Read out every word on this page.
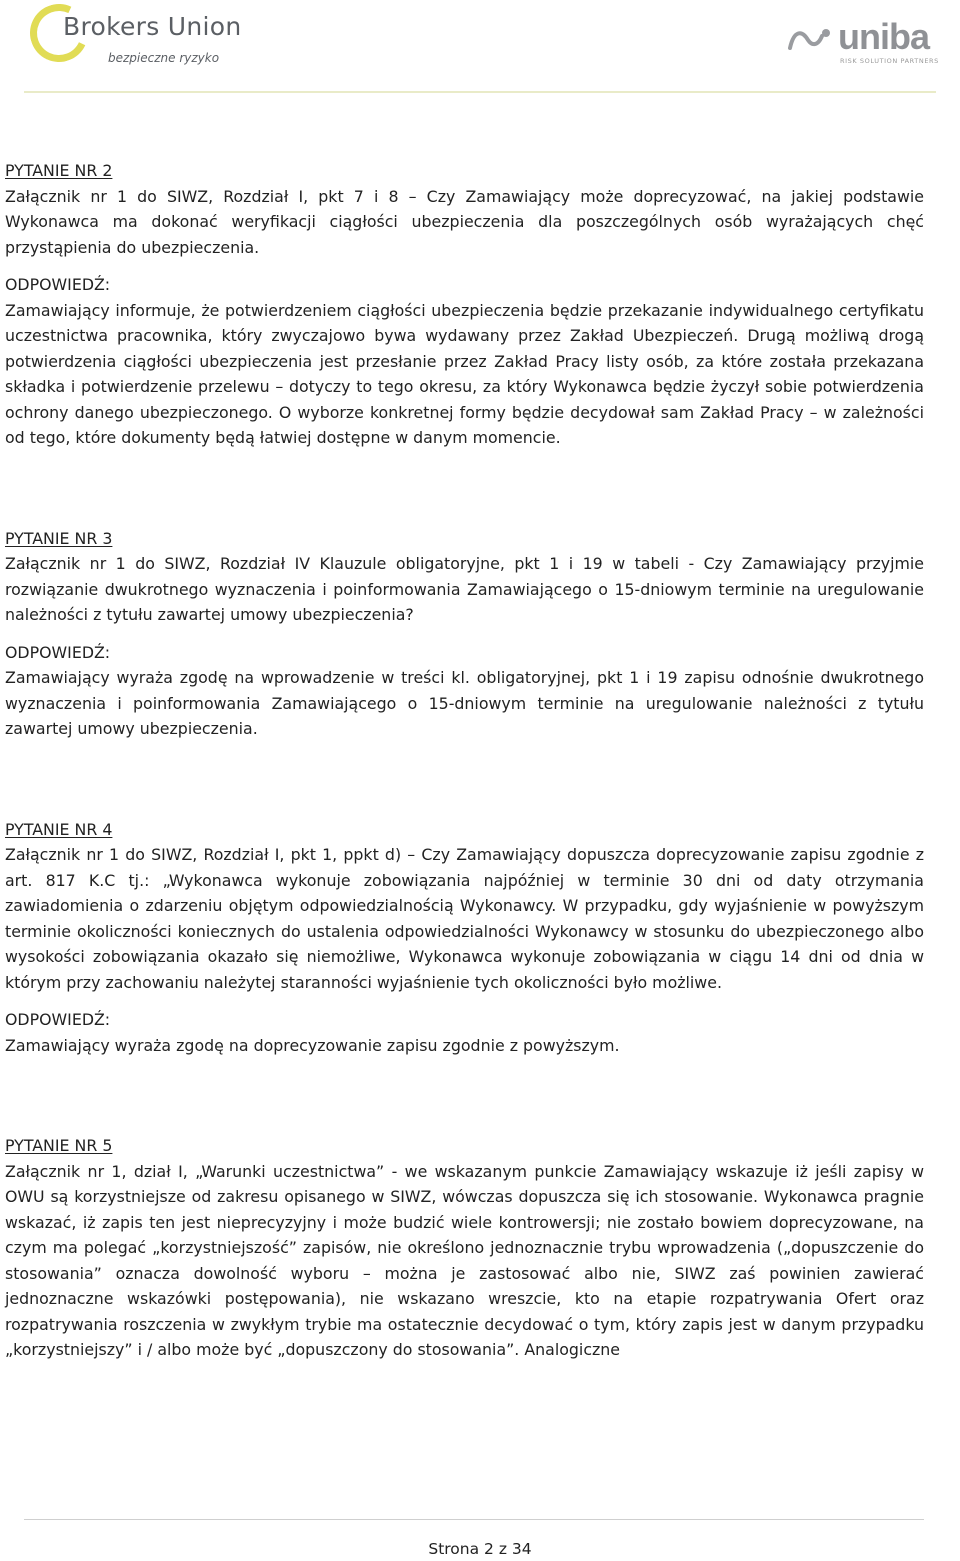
Brokers Union
bezpieczne ryzyko
uniba
RISK SOLUTION PARTNERS
PYTANIE NR 2

Załącznik nr 1 do SIWZ, Rozdział I, pkt 7 i 8 – Czy Zamawiający może doprecyzować, na jakiej podstawie Wykonawca ma dokonać weryfikacji ciągłości ubezpieczenia dla poszczególnych osób wyrażających chęć przystąpienia do ubezpieczenia.

ODPOWIEDŹ:

Zamawiający informuje, że potwierdzeniem ciągłości ubezpieczenia będzie przekazanie indywidualnego certyfikatu uczestnictwa pracownika, który zwyczajowo bywa wydawany przez Zakład Ubezpieczeń. Drugą możliwą drogą potwierdzenia ciągłości ubezpieczenia jest przesłanie przez Zakład Pracy listy osób, za które została przekazana składka i potwierdzenie przelewu – dotyczy to tego okresu, za który Wykonawca będzie życzył sobie potwierdzenia ochrony danego ubezpieczonego. O wyborze konkretnej formy będzie decydował sam Zakład Pracy – w zależności od tego, które dokumenty będą łatwiej dostępne w danym momencie.

PYTANIE NR 3

Załącznik nr 1 do SIWZ, Rozdział IV Klauzule obligatoryjne, pkt 1 i 19 w tabeli - Czy Zamawiający przyjmie rozwiązanie dwukrotnego wyznaczenia i poinformowania Zamawiającego o 15-dniowym terminie na uregulowanie należności z tytułu zawartej umowy ubezpieczenia?

ODPOWIEDŹ:

Zamawiający wyraża zgodę na wprowadzenie w treści kl. obligatoryjnej, pkt 1 i 19 zapisu odnośnie dwukrotnego wyznaczenia i poinformowania Zamawiającego o 15-dniowym terminie na uregulowanie należności z tytułu zawartej umowy ubezpieczenia.

PYTANIE NR 4

Załącznik nr 1 do SIWZ, Rozdział I, pkt 1, ppkt d) – Czy Zamawiający dopuszcza doprecyzowanie zapisu zgodnie z art. 817 K.C tj.: „Wykonawca wykonuje zobowiązania najpóźniej w terminie 30 dni od daty otrzymania zawiadomienia o zdarzeniu objętym odpowiedzialnością Wykonawcy. W przypadku, gdy wyjaśnienie w powyższym terminie okoliczności koniecznych do ustalenia odpowiedzialności Wykonawcy w stosunku do ubezpieczonego albo wysokości zobowiązania okazało się niemożliwe, Wykonawca wykonuje zobowiązania w ciągu 14 dni od dnia w którym przy zachowaniu należytej staranności wyjaśnienie tych okoliczności było możliwe.

ODPOWIEDŹ:

Zamawiający wyraża zgodę na doprecyzowanie zapisu zgodnie z powyższym.

PYTANIE NR 5

Załącznik nr 1, dział I, „Warunki uczestnictwa” - we wskazanym punkcie Zamawiający wskazuje iż jeśli zapisy w OWU są korzystniejsze od zakresu opisanego w SIWZ, wówczas dopuszcza się ich stosowanie. Wykonawca pragnie wskazać, iż zapis ten jest nieprecyzyjny i może budzić wiele kontrowersji; nie zostało bowiem doprecyzowane, na czym ma polegać „korzystniejszość” zapisów, nie określono jednoznacznie trybu wprowadzenia („dopuszczenie do stosowania” oznacza dowolność wyboru – można je zastosować albo nie, SIWZ zaś powinien zawierać jednoznaczne wskazówki postępowania), nie wskazano wreszcie, kto na etapie rozpatrywania Ofert oraz rozpatrywania roszczenia w zwykłym trybie ma ostatecznie decydować o tym, który zapis jest w danym przypadku „korzystniejszy” i / albo może być „dopuszczony do stosowania”. Analogiczne

Strona 2 z 34
